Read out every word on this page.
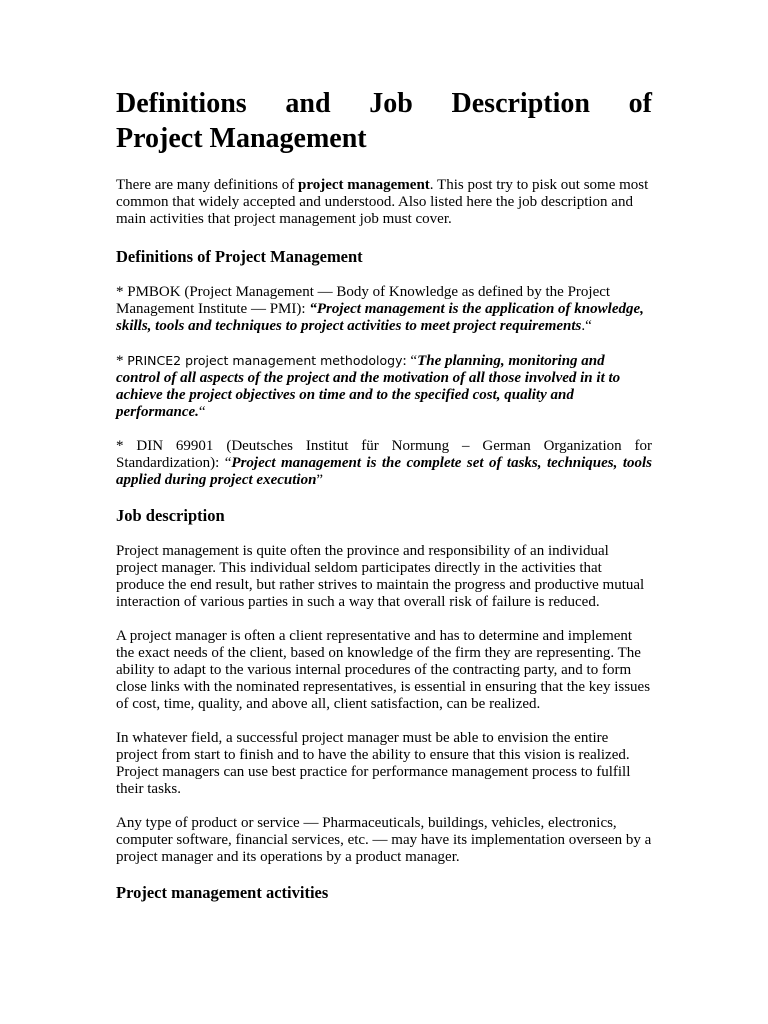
Definitions and Job Description of
Project Management

There are many definitions of project management. This post try to pisk out some most common that widely accepted and understood. Also listed here the job description and main activities that project management job must cover.

Definitions of Project Management

* PMBOK (Project Management — Body of Knowledge as defined by the Project Management Institute — PMI): “Project management is the application of knowledge, skills, tools and techniques to project activities to meet project requirements.“

* PRINCE2 project management methodology: “The planning, monitoring and control of all aspects of the project and the motivation of all those involved in it to achieve the project objectives on time and to the specified cost, quality and performance.“

* DIN 69901 (Deutsches Institut für Normung – German Organization for Standardization): “Project management is the complete set of tasks, techniques, tools applied during project execution”

Job description

Project management is quite often the province and responsibility of an individual project manager. This individual seldom participates directly in the activities that produce the end result, but rather strives to maintain the progress and productive mutual interaction of various parties in such a way that overall risk of failure is reduced.

A project manager is often a client representative and has to determine and implement the exact needs of the client, based on knowledge of the firm they are representing. The ability to adapt to the various internal procedures of the contracting party, and to form close links with the nominated representatives, is essential in ensuring that the key issues of cost, time, quality, and above all, client satisfaction, can be realized.

In whatever field, a successful project manager must be able to envision the entire project from start to finish and to have the ability to ensure that this vision is realized. Project managers can use best practice for performance management process to fulfill their tasks.

Any type of product or service — Pharmaceuticals, buildings, vehicles, electronics, computer software, financial services, etc. — may have its implementation overseen by a project manager and its operations by a product manager.

Project management activities
